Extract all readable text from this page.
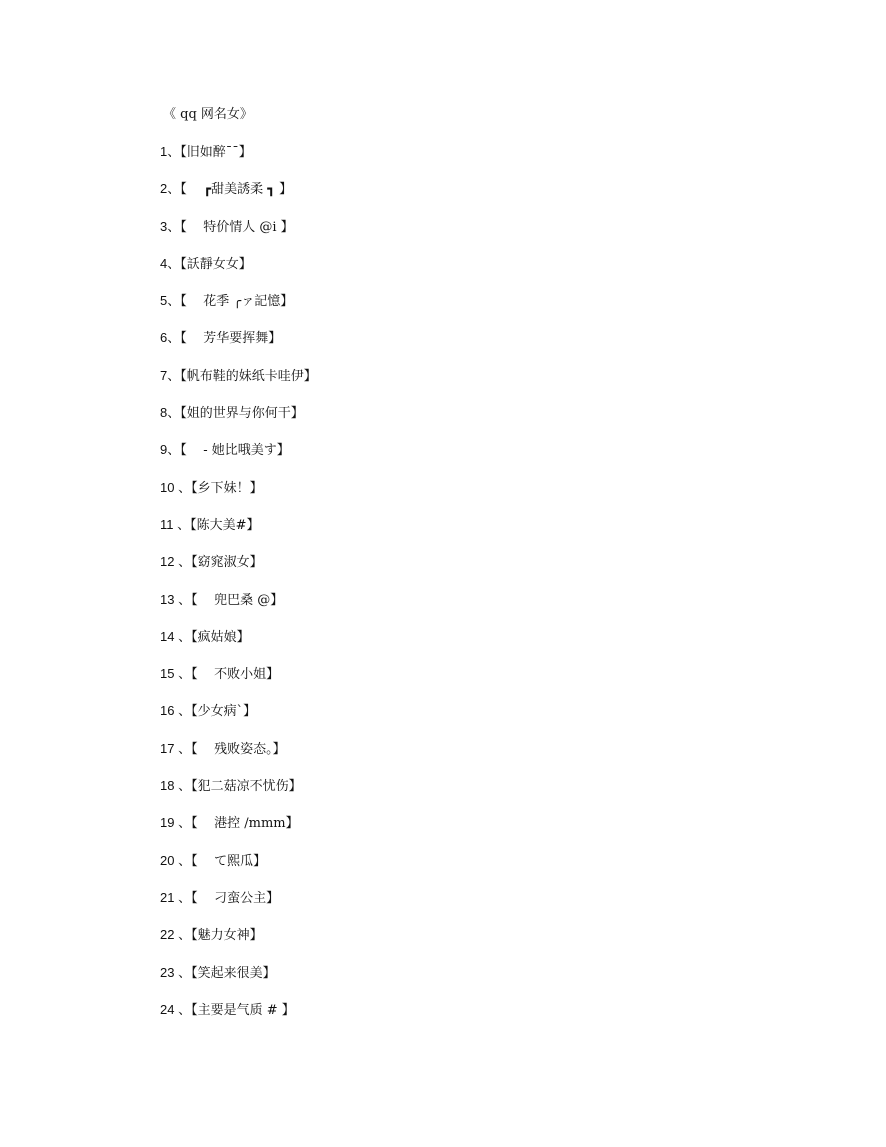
《 qq 网名女》
1、【旧如醉¯¯】
2、【    ┏甜美誘柔 ┓ 】
3、【    特价情人 @i 】
4、【訞靜女女】
5、【    花季 ╭ァ記憶】
6、【    芳华要挥舞】
7、【帆布鞋的妹纸卡哇伊】
8、【姐的世界与你何干】
9、【    - 她比哦美す】
10 、【乡下妹！】
11 、【陈大美#】
12 、【窈窕淑女】
13 、【    兜巴桑 @】
14 、【疯姑娘】
15 、【    不败小姐】
16 、【少女病`】
17 、【    残败姿态。】
18 、【犯二菇凉不忧伤】
19 、【    港控 /mmm】
20 、【    て熙瓜】
21 、【    刁蛮公主】
22 、【魅力女神】
23 、【笑起来很美】
24 、【主要是气质 # 】
